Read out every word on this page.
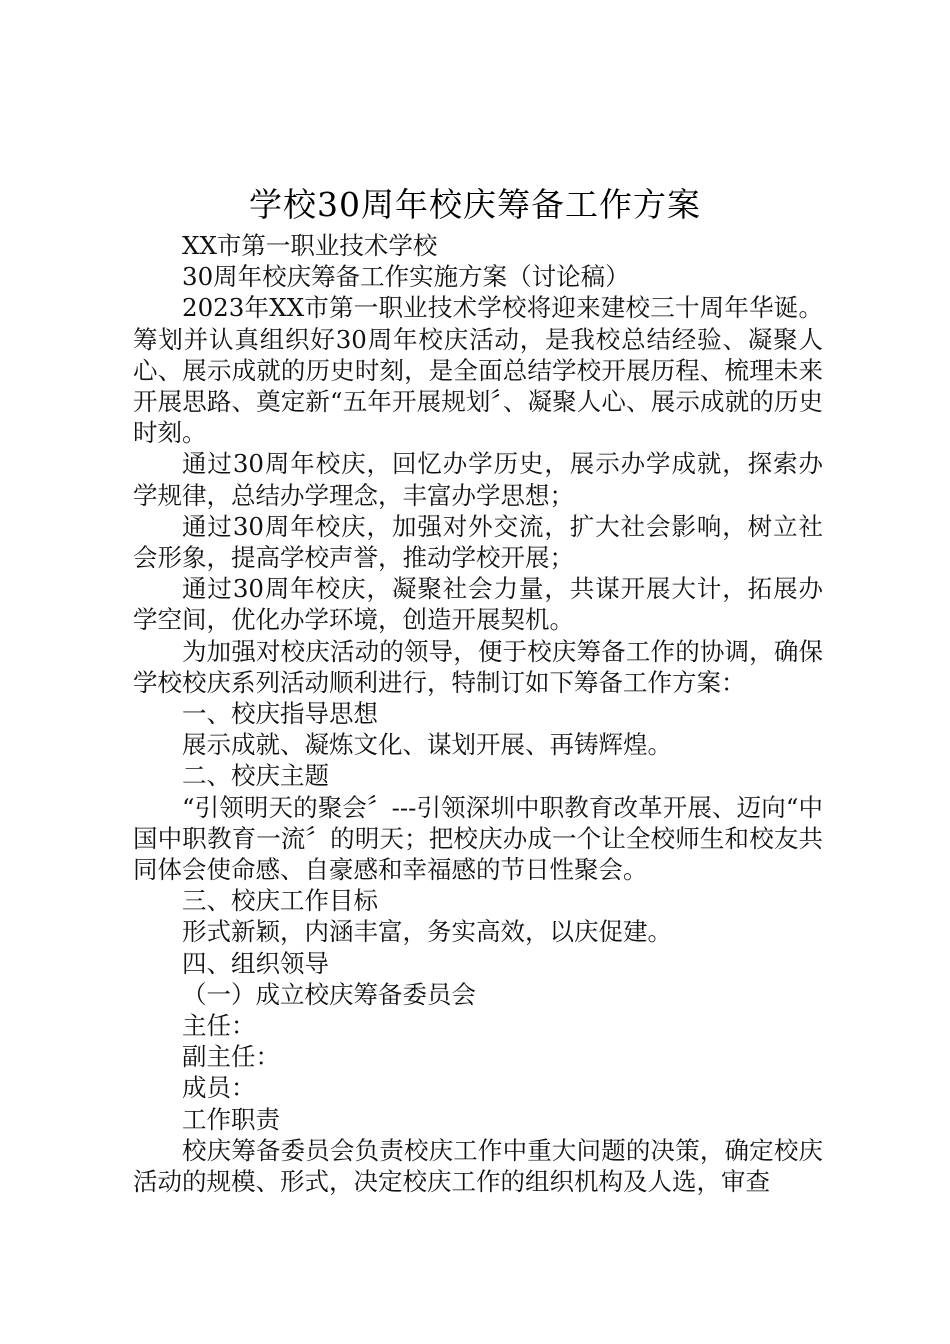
学校30周年校庆筹备工作方案

XX市第一职业技术学校

30周年校庆筹备工作实施方案（讨论稿）

2023年XX市第一职业技术学校将迎来建校三十周年华诞。筹划并认真组织好30周年校庆活动，是我校总结经验、凝聚人心、展示成就的历史时刻，是全面总结学校开展历程、梳理未来开展思路、奠定新“五年开展规划〞、凝聚人心、展示成就的历史时刻。

通过30周年校庆，回忆办学历史，展示办学成就，探索办学规律，总结办学理念，丰富办学思想；

通过30周年校庆，加强对外交流，扩大社会影响，树立社会形象，提高学校声誉，推动学校开展；

通过30周年校庆，凝聚社会力量，共谋开展大计，拓展办学空间，优化办学环境，创造开展契机。

为加强对校庆活动的领导，便于校庆筹备工作的协调，确保学校校庆系列活动顺利进行，特制订如下筹备工作方案：

一、校庆指导思想

展示成就、凝炼文化、谋划开展、再铸辉煌。

二、校庆主题

“引领明天的聚会〞---引领深圳中职教育改革开展、迈向“中国中职教育一流〞的明天；把校庆办成一个让全校师生和校友共同体会使命感、自豪感和幸福感的节日性聚会。

三、校庆工作目标

形式新颖，内涵丰富，务实高效，以庆促建。

四、组织领导

（一）成立校庆筹备委员会

主任：

副主任：

成员：

工作职责

校庆筹备委员会负责校庆工作中重大问题的决策，确定校庆活动的规模、形式，决定校庆工作的组织机构及人选，审查
